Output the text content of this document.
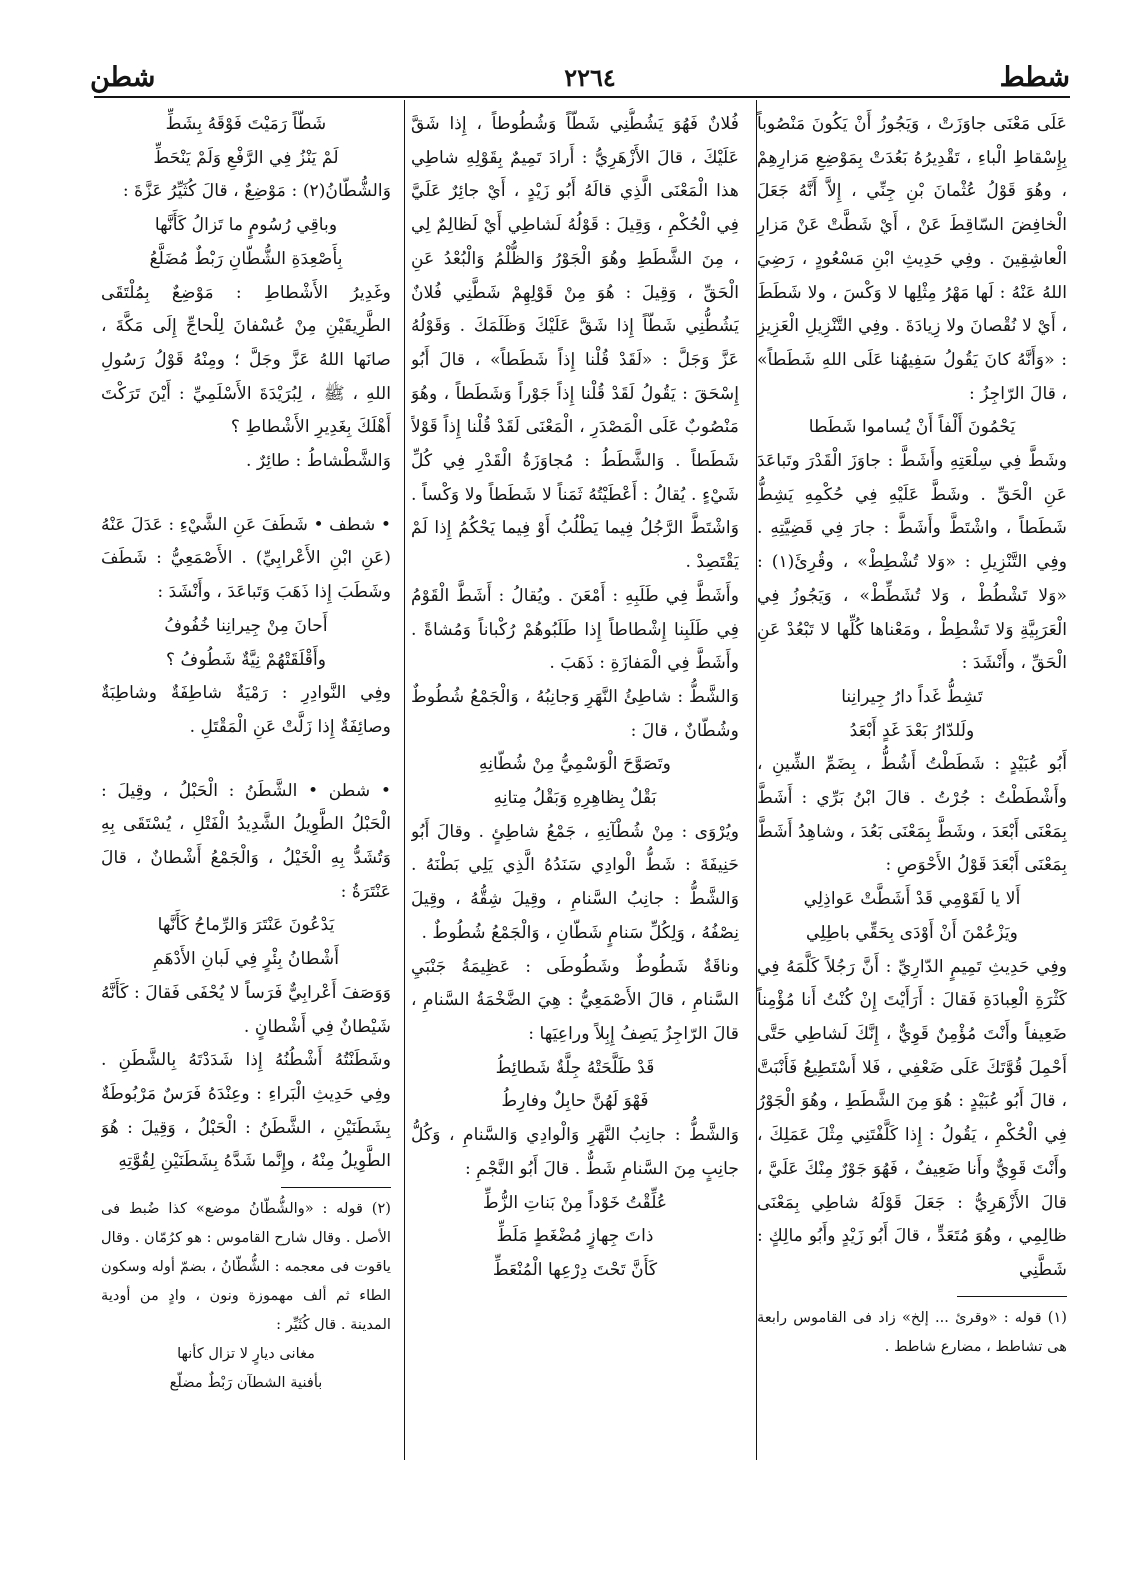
شطط
٢٢٦٤
شطن

عَلَى مَعْنَى جاوَزَتْ ، وَيَجُوزُ أَنْ يَكُونَ مَنْصُوباً بِإِسْقاطِ الْباءِ ، تَقْدِيرُهُ بَعُدَتْ بِمَوْضِعِ مَزارِهِمْ ، وهُوَ قَوْلُ عُثْمانَ بْنِ جِنِّي ، إِلاَّ أَنَّهُ جَعَلَ الْخافِضَ السّاقِطَ عَنْ ، أَيْ شَطَّتْ عَنْ مَزارِ الْعاشِقِينَ . وفِي حَدِيثِ ابْنِ مَسْعُودٍ ، رَضِيَ اللهُ عَنْهُ : لَها مَهْرُ مِثْلِها لا وَكْسَ ، ولا شَطَطَ ، أَيْ لا نُقْصانَ ولا زِيادَةَ . وفِي التَّنْزِيلِ الْعَزِيزِ : «وَأَنَّهُ كانَ يَقُولُ سَفِيهُنا عَلَى اللهِ شَطَطاً» ، قالَ الرّاجِزُ :

يَحْمُونَ أَلْفاً أَنْ يُساموا شَطَطا

وشَطَّ فِي سِلْعَتِهِ وأَشَطَّ : جاوَزَ الْقَدْرَ وتَباعَدَ عَنِ الْحَقِّ . وشَطَّ عَلَيْهِ فِي حُكْمِهِ يَشِطُّ شَطَطاً ، واشْتَطَّ وأَشَطَّ : جارَ فِي قَضِيَّتِهِ . وفِي التَّنْزِيلِ : «وَلا تُشْطِطْ» ، وقُرِئَ(١) : «وَلا تَشْطُطْ ، وَلا تُشَطِّطْ» ، وَيَجُوزُ فِي الْعَرَبِيَّةِ وَلا تَشْطِطْ ، ومَعْناها كُلِّها لا تَبْعُدْ عَنِ الْحَقِّ ، وأَنْشَدَ :

تَشِطُّ غَداً دارُ جِيرانِنا

ولَلدّارُ بَعْدَ غَدٍ أَبْعَدُ

أَبُو عُبَيْدٍ : شَطَطْتُ أَشُطُّ ، بِضَمِّ الشِّينِ ، وأَشْطَطْتُ : جُرْتُ . قالَ ابْنُ بَرِّي : أَشَطَّ بِمَعْنَى أَبْعَدَ ، وشَطَّ بِمَعْنَى بَعُدَ ، وشاهِدُ أَشَطَّ بِمَعْنَى أَبْعَدَ قَوْلُ الأَحْوَصِ :

أَلا يا لَقَوْمِي قَدْ أَشَطَّتْ عَواذِلِي

ويَزْعُمْنَ أَنْ أَوْدَى بِحَقِّي باطِلِي

وفِي حَدِيثِ تَمِيمٍ الدّارِيِّ : أَنَّ رَجُلاً كَلَّمَهُ فِي كَثْرَةِ الْعِبادَةِ فَقالَ : أَرَأَيْتَ إِنْ كُنْتُ أَنا مُؤْمِناً ضَعِيفاً وأَنْتَ مُؤْمِنٌ قَوِيٌّ ، إِنَّكَ لَشاطِي حَتَّى أَحْمِلَ قُوَّتَكَ عَلَى ضَعْفِي ، فَلا أَسْتَطِيعُ فَأَنْبَتَّ ، قالَ أَبُو عُبَيْدٍ : هُوَ مِنَ الشَّطَطِ ، وهُوَ الْجَوْرُ فِي الْحُكْمِ ، يَقُولُ : إِذا كَلَّفْتَنِي مِثْلَ عَمَلِكَ ، وأَنْتَ قَوِيٌّ وأَنا ضَعِيفٌ ، فَهُوَ جَوْرٌ مِنْكَ عَلَيَّ ، قالَ الأَزْهَرِيُّ : جَعَلَ قَوْلَهُ شاطِي بِمَعْنَى ظالِمِي ، وهُوَ مُتَعَدٍّ ، قالَ أَبُو زَيْدٍ وأَبُو مالِكٍ : شَطَّنِي

(١) قوله : «وقرئ ... إلخ» زاد فى القاموس رابعة هى تشاطط ، مضارع شاطط .

فُلانٌ فَهُوَ يَشُطُّنِي شَطّاً وَشُطُوطاً ، إِذا شَقَّ عَلَيْكَ ، قالَ الأَزْهَرِيُّ : أَرادَ تَمِيمٌ بِقَوْلِهِ شاطِي هذا الْمَعْنَى الَّذِي قالَهُ أَبُو زَيْدٍ ، أَيْ جائِرٌ عَلَيَّ فِي الْحُكْمِ ، وَقِيلَ : قَوْلُهُ لَشاطِي أَيْ لَظالِمٌ لِي ، مِنَ الشَّطَطِ وهُوَ الْجَوْرُ وَالظُّلْمُ وَالْبُعْدُ عَنِ الْحَقِّ ، وَقِيلَ : هُوَ مِنْ قَوْلِهِمْ شَطَّنِي فُلانٌ يَشُطُّنِي شَطّاً إِذا شَقَّ عَلَيْكَ وَظَلَمَكَ . وَقَوْلُهُ عَزَّ وَجَلَّ : «لَقَدْ قُلْنا إِذاً شَطَطاً» ، قالَ أَبُو إِسْحَقَ : يَقُولُ لَقَدْ قُلْنا إِذاً جَوْراً وَشَطَطاً ، وهُوَ مَنْصُوبٌ عَلَى الْمَصْدَرِ ، الْمَعْنَى لَقَدْ قُلْنا إِذاً قَوْلاً شَطَطاً . وَالشَّطَطُ : مُجاوَزَةُ الْقَدْرِ فِي كُلِّ شَيْءٍ . يُقالُ : أَعْطَيْتُهُ ثَمَناً لا شَطَطاً ولا وَكْساً . وَاشْتَطَّ الرَّجُلُ فِيما يَطْلُبُ أَوْ فِيما يَحْكُمُ إِذا لَمْ يَقْتَصِدْ .

وأَشَطَّ فِي طَلَبِهِ : أَمْعَنَ . ويُقالُ : أَشَطَّ الْقَوْمُ فِي طَلَبِنا إِشْطاطاً إِذا طَلَبُوهُمْ رُكْباناً وَمُشاةً . وأَشَطَّ فِي الْمَفازَةِ : ذَهَبَ .

وَالشَّطُّ : شاطِئُ النَّهَرِ وَجانِبُهُ ، وَالْجَمْعُ شُطُوطٌ وشُطّانٌ ، قالَ :

وتَصَوَّحَ الْوَسْمِيُّ مِنْ شُطّانِهِ

بَقْلٌ بِظاهِرِهِ وَبَقْلُ مِتانِهِ

ويُرْوَى : مِنْ شُطْآنِهِ ، جَمْعُ شاطِئٍ . وقالَ أَبُو حَنِيفَةَ : شَطُّ الْوادِي سَنَدُهُ الَّذِي يَلِي بَطْنَهُ . وَالشَّطُّ : جانِبُ السَّنامِ ، وقِيلَ شِقُّهُ ، وقِيلَ نِصْفُهُ ، وَلِكُلِّ سَنامٍ شَطّانِ ، وَالْجَمْعُ شُطُوطٌ .

وناقَةٌ شَطُوطٌ وشَطُوطَى : عَظِيمَةُ جَنْبَيِ السَّنامِ ، قالَ الأَصْمَعِيُّ : هِيَ الضَّخْمَةُ السَّنامِ ، قالَ الرّاجِزُ يَصِفُ إِبِلاً وراعِيَها :

قَدْ طَلَّحَتْهُ جِلَّةٌ شَطائِطُ

فَهْوَ لَهُنَّ حابِلٌ وفارِطُ

وَالشَّطُّ : جانِبُ النَّهَرِ وَالْوادِي وَالسَّنامِ ، وَكُلُّ جانِبٍ مِنَ السَّنامِ شَطٌّ . قالَ أَبُو النَّجْمِ :

عُلِّقْتُ خَوْداً مِنْ بَناتِ الزُّطِّ

ذاتَ جِهازٍ مُضْغَطٍ مَلَطِّ

كَأَنَّ تَحْتَ دِرْعِها الْمُنْعَطِّ

شَطّاً رَمَيْتَ فَوْقَهُ بِشَطِّ

لَمْ يَنْزُ فِي الرَّفْعِ وَلَمْ يَنْحَطِّ

وَالشُّطّانُ(٢) : مَوْضِعٌ ، قالَ كُثَيِّرُ عَزَّةَ :

وباقِي رُسُومٍ ما تَزالُ كَأَنَّها

بِأَصْعِدَةِ الشُّطّانِ رَبْطٌ مُضَلَّعُ

وغَدِيرُ الأَشْطاطِ : مَوْضِعٌ بِمُلْتَقَى الطَّرِيقَيْنِ مِنْ عُسْفانَ لِلْحاجِّ إِلَى مَكَّةَ ، صانَها اللهُ عَزَّ وجَلَّ ؛ ومِنْهُ قَوْلُ رَسُولِ اللهِ ، ﷺ ، لِبُرَيْدَةَ الأَسْلَمِيِّ : أَيْنَ تَرَكْتَ أَهْلَكَ بِغَدِيرِ الأَشْطاطِ ؟

وَالشَّطْشاطُ : طائِرٌ .

• شطف • شَطَفَ عَنِ الشَّيْءِ : عَدَلَ عَنْهُ (عَنِ ابْنِ الأَعْرابِيِّ) . الأَصْمَعِيُّ : شَطَفَ وشَطَبَ إِذا ذَهَبَ وَتَباعَدَ ، وأَنْشَدَ :

أَحانَ مِنْ جِيرانِنا خُفُوفُ

وأَقْلَقَتْهُمْ نِيَّةٌ شَطُوفُ ؟

وفِي النَّوادِرِ : رَمْيَةٌ شاطِفَةٌ وشاطِبَةٌ وصائِفَةٌ إِذا زَلَّتْ عَنِ الْمَقْتَلِ .

• شطن • الشَّطَنُ : الْحَبْلُ ، وقِيلَ : الْحَبْلُ الطَّوِيلُ الشَّدِيدُ الْفَتْلِ ، يُسْتَقَى بِهِ وَتُشَدُّ بِهِ الْخَيْلُ ، وَالْجَمْعُ أَشْطانٌ ، قالَ عَنْتَرَةُ :

يَدْعُونَ عَنْتَرَ وَالرِّماحُ كَأَنَّها

أَشْطانُ بِئْرٍ فِي لَبانِ الأَدْهَمِ

وَوَصَفَ أَعْرابِيٌّ فَرَساً لا يُحْفَى فَقالَ : كَأَنَّهُ شَيْطانٌ فِي أَشْطانٍ .

وشَطَنْتُهُ أَشْطُنُهُ إِذا شَدَدْتَهُ بِالشَّطَنِ . وفِي حَدِيثِ الْبَراءِ : وعِنْدَهُ فَرَسٌ مَرْبُوطَةٌ بِشَطَنَيْنِ ، الشَّطَنُ : الْحَبْلُ ، وَقِيلَ : هُوَ الطَّوِيلُ مِنْهُ ، وإِنَّما شَدَّهُ بِشَطَنَيْنِ لِقُوَّتِهِ

(٢) قوله : «والشُّطّانُ موضع» كذا ضُبط فى الأصل . وقال شارح القاموس : هو كرُمّان . وقال ياقوت فى معجمه : الشُّطّانُ ، بضمّ أوله وسكون الطاء ثم ألف مهموزة ونون ، وادٍ من أودية المدينة . قال كُثَيِّر :

مغانى ديارٍ لا تزال كأنها

بأفنية الشطآن رَبْطٌ مضلّع
